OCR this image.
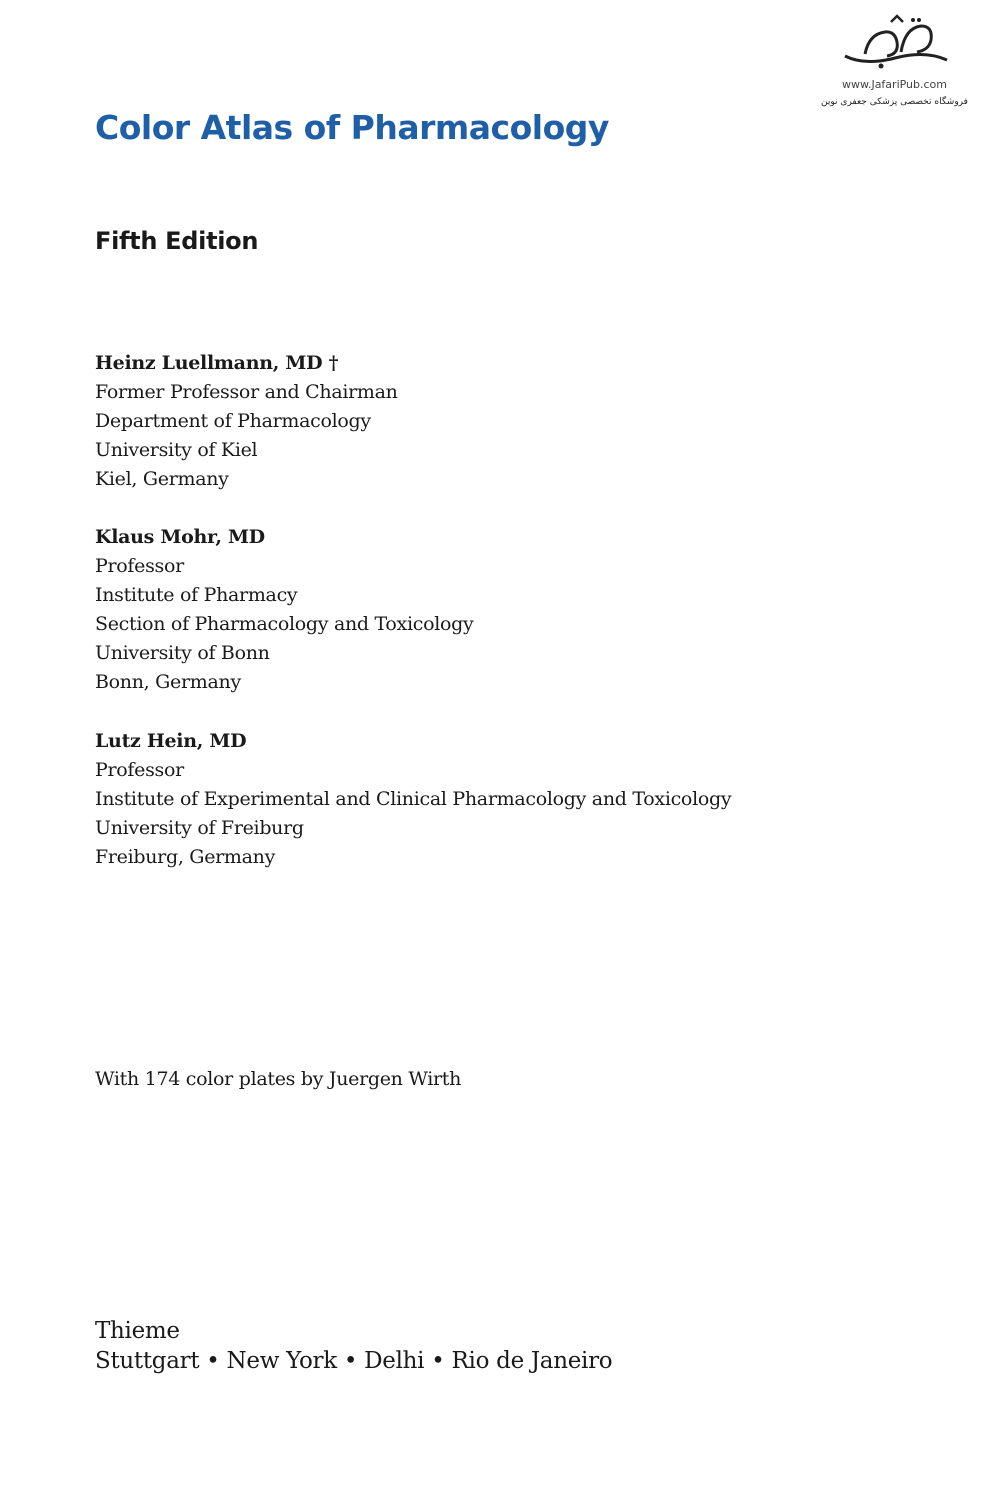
www.JafariPub.com
فروشگاه تخصصی پزشکی جعفری نوین
Color Atlas of Pharmacology
Fifth Edition
Heinz Luellmann, MD †
Former Professor and Chairman
Department of Pharmacology
University of Kiel
Kiel, Germany
Klaus Mohr, MD
Professor
Institute of Pharmacy
Section of Pharmacology and Toxicology
University of Bonn
Bonn, Germany
Lutz Hein, MD
Professor
Institute of Experimental and Clinical Pharmacology and Toxicology
University of Freiburg
Freiburg, Germany
With 174 color plates by Juergen Wirth
Thieme
Stuttgart • New York • Delhi • Rio de Janeiro
